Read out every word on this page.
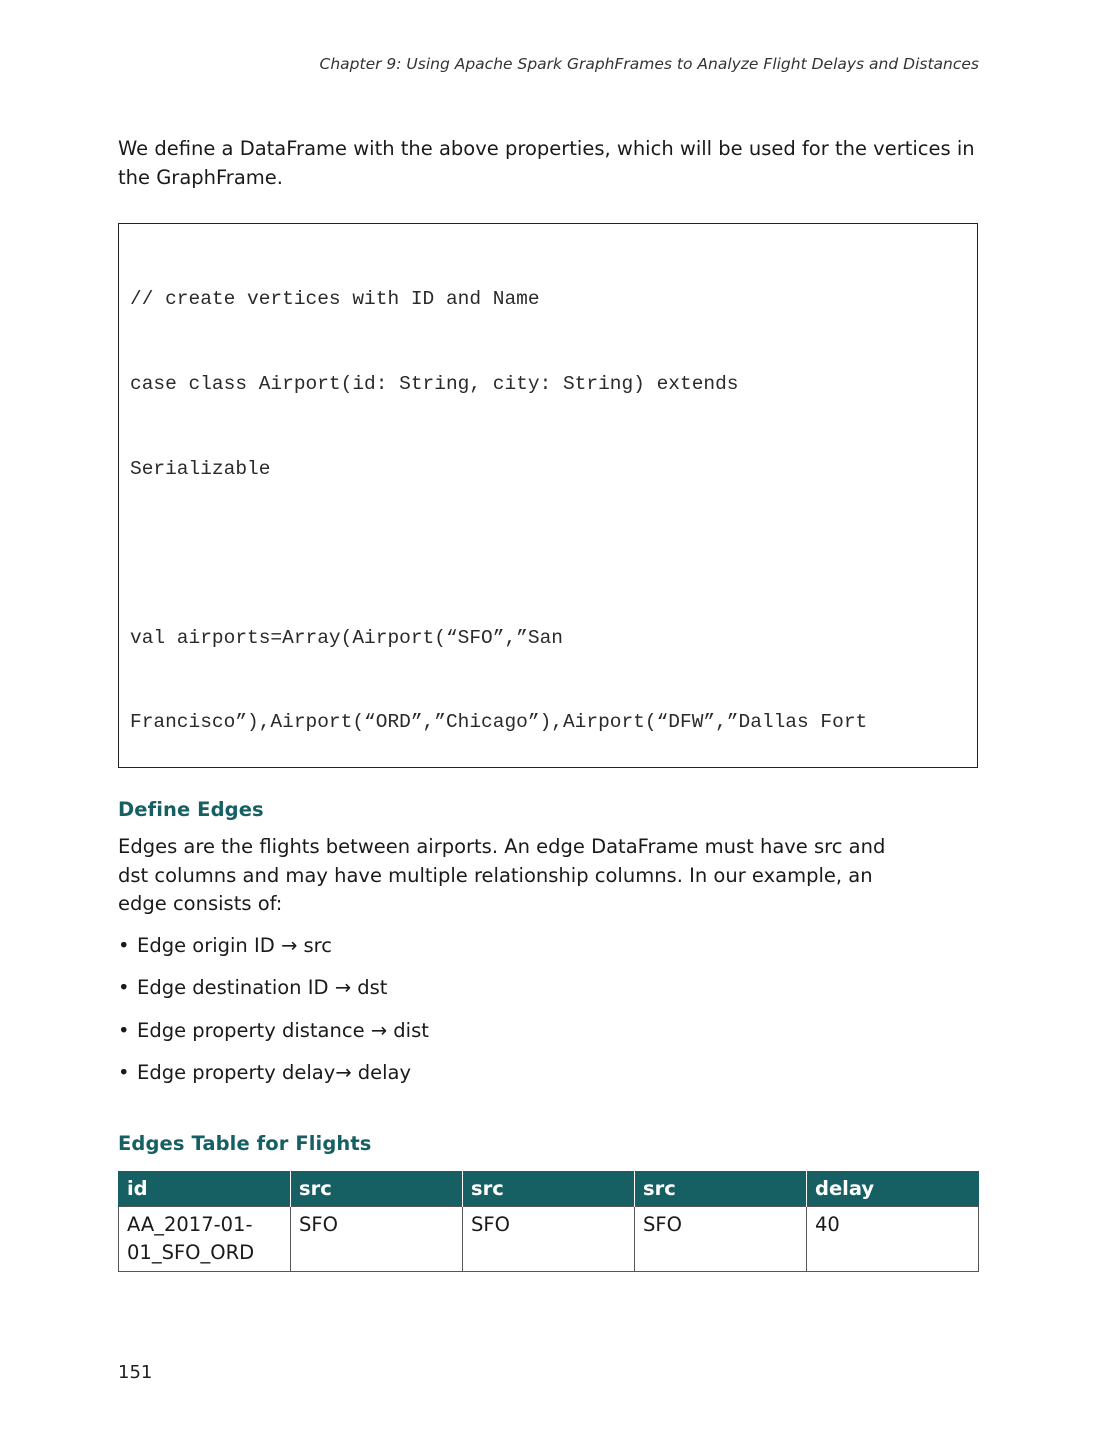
Chapter 9: Using Apache Spark GraphFrames to Analyze Flight Delays and Distances

We define a DataFrame with the above properties, which will be used for the vertices in the GraphFrame.

// create vertices with ID and Name

case class Airport(id: String, city: String) extends

Serializable

val airports=Array(Airport(“SFO”,”San

Francisco”),Airport(“ORD”,”Chicago”),Airport(“DFW”,”Dallas Fort

Define Edges

Edges are the flights between airports. An edge DataFrame must have src and dst columns and may have multiple relationship columns. In our example, an edge consists of:

• Edge origin ID → src
• Edge destination ID → dst
• Edge property distance → dist
• Edge property delay→ delay
Edges Table for Flights
id	src	src	src	delay
AA_2017-01-01_SFO_ORD	SFO	SFO	SFO	40
151
